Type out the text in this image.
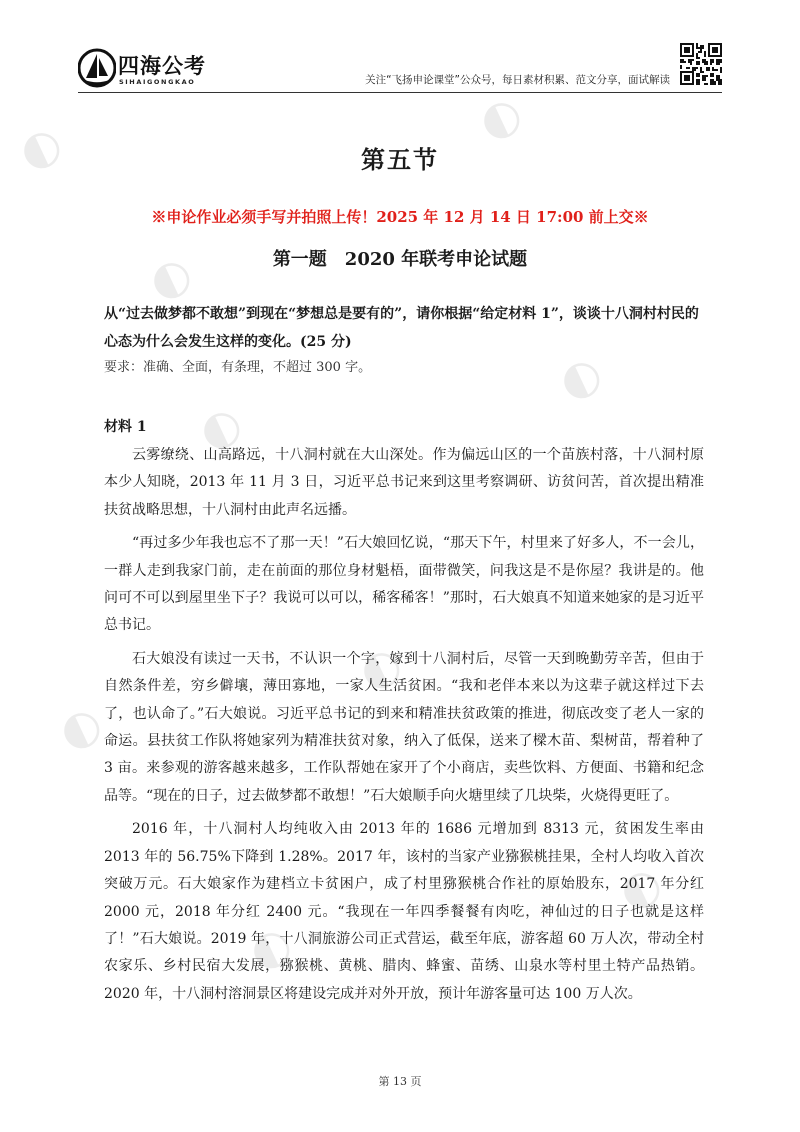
四海公考
SIHAIGONGKAO	关注“飞扬申论课堂”公众号，每日素材积累、范文分享，面试解读
◐
◐
◐
◐
◐
◐
◐
◐
◐
第五节
※申论作业必须手写并拍照上传！2025 年 12 月 14 日 17:00 前上交※
第一题　2020 年联考申论试题
从“过去做梦都不敢想”到现在“梦想总是要有的”，请你根据“给定材料 1”，谈谈十八洞村村民的心态为什么会发生这样的变化。(25 分)
要求：准确、全面，有条理，不超过 300 字。
材料 1

云雾缭绕、山高路远，十八洞村就在大山深处。作为偏远山区的一个苗族村落，十八洞村原本少人知晓，2013 年 11 月 3 日，习近平总书记来到这里考察调研、访贫问苦，首次提出精准扶贫战略思想，十八洞村由此声名远播。

“再过多少年我也忘不了那一天！”石大娘回忆说，“那天下午，村里来了好多人，不一会儿，一群人走到我家门前，走在前面的那位身材魁梧，面带微笑，问我这是不是你屋？我讲是的。他问可不可以到屋里坐下子？我说可以可以，稀客稀客！”那时，石大娘真不知道来她家的是习近平总书记。

石大娘没有读过一天书，不认识一个字，嫁到十八洞村后，尽管一天到晚勤劳辛苦，但由于自然条件差，穷乡僻壤，薄田寡地，一家人生活贫困。“我和老伴本来以为这辈子就这样过下去了，也认命了。”石大娘说。习近平总书记的到来和精准扶贫政策的推进，彻底改变了老人一家的命运。县扶贫工作队将她家列为精准扶贫对象，纳入了低保，送来了樑木苗、梨树苗，帮着种了 3 亩。来参观的游客越来越多，工作队帮她在家开了个小商店，卖些饮料、方便面、书籍和纪念品等。“现在的日子，过去做梦都不敢想！”石大娘顺手向火塘里续了几块柴，火烧得更旺了。

2016 年，十八洞村人均纯收入由 2013 年的 1686 元增加到 8313 元，贫困发生率由 2013 年的 56.75%下降到 1.28%。2017 年，该村的当家产业猕猴桃挂果，全村人均收入首次突破万元。石大娘家作为建档立卡贫困户，成了村里猕猴桃合作社的原始股东，2017 年分红 2000 元，2018 年分红 2400 元。“我现在一年四季餐餐有肉吃，神仙过的日子也就是这样了！”石大娘说。2019 年，十八洞旅游公司正式营运，截至年底，游客超 60 万人次，带动全村农家乐、乡村民宿大发展，猕猴桃、黄桃、腊肉、蜂蜜、苗绣、山泉水等村里土特产品热销。2020 年，十八洞村溶洞景区将建设完成并对外开放，预计年游客量可达 100 万人次。

第 13 页
